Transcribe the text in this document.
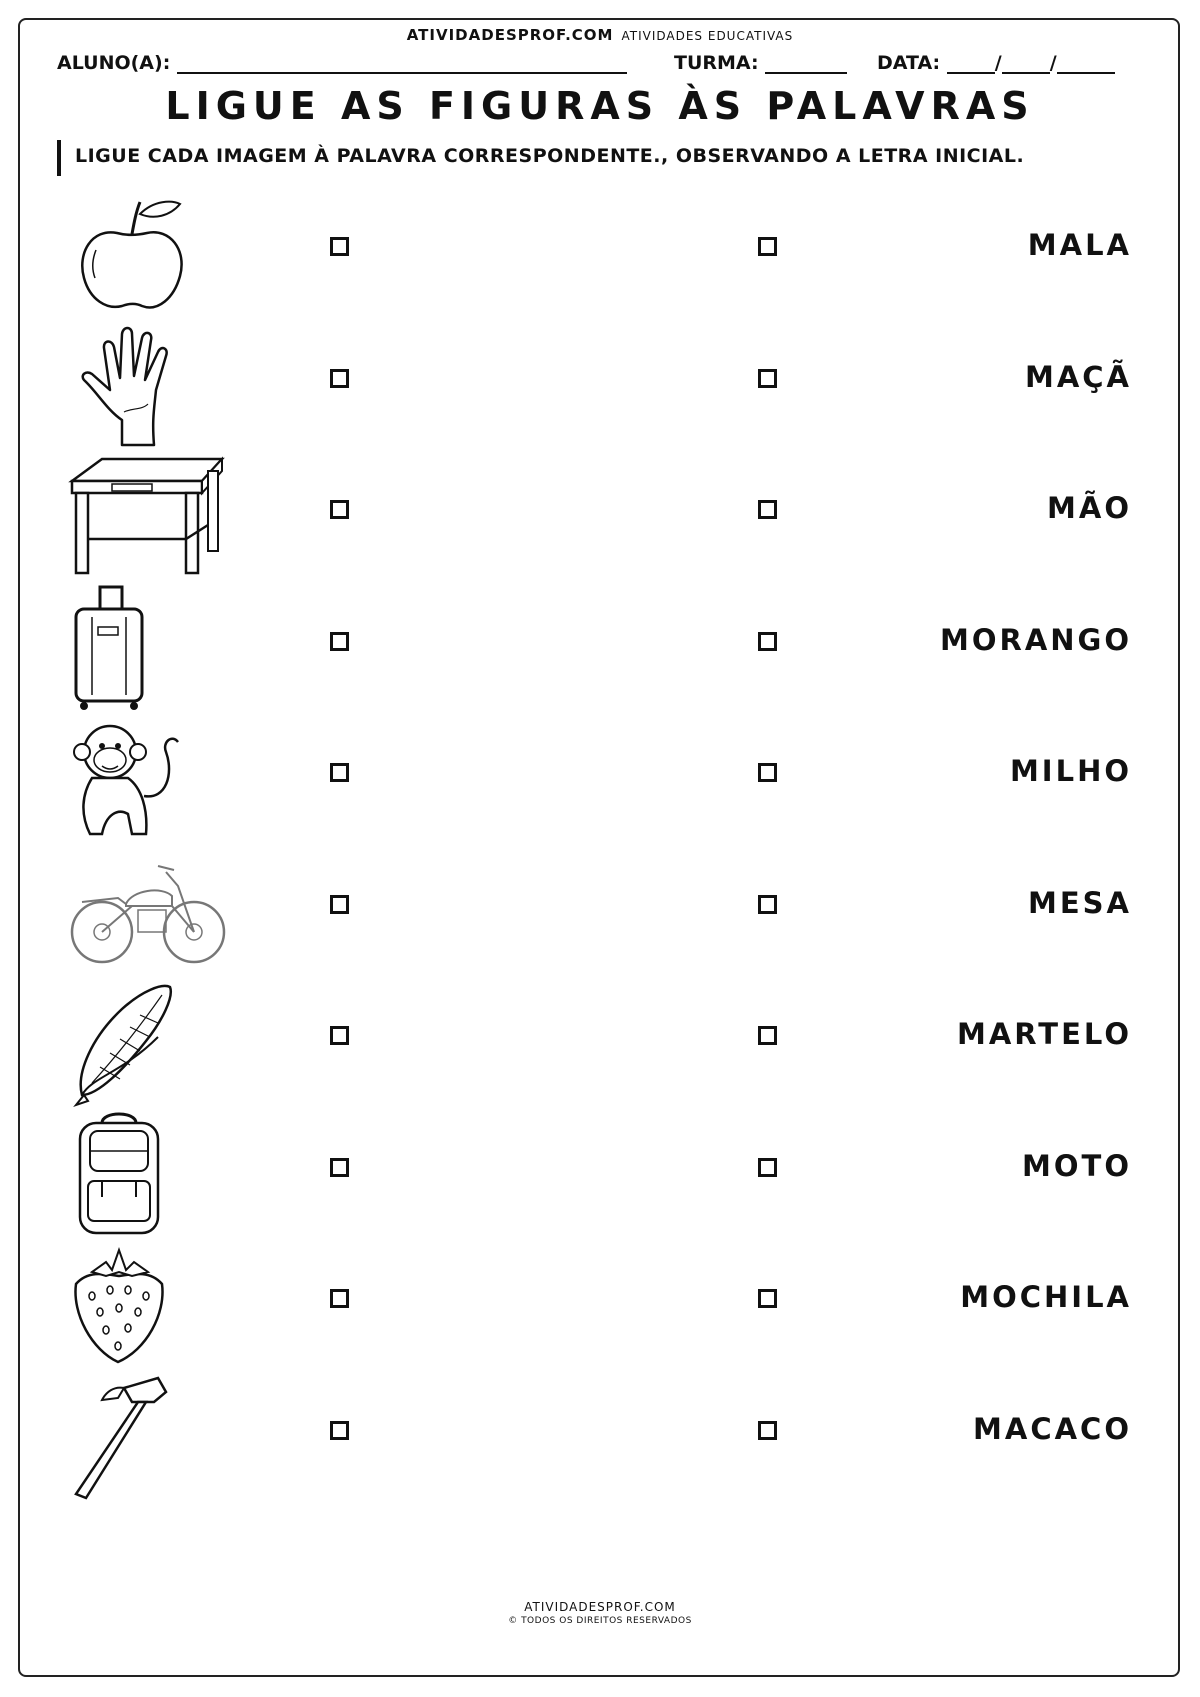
ATIVIDADESPROF.COM ATIVIDADES EDUCATIVAS
ALUNO(A):	TURMA:	DATA:	/	/
LIGUE AS FIGURAS ÀS PALAVRAS
LIGUE CADA IMAGEM À PALAVRA CORRESPONDENTE., OBSERVANDO A LETRA INICIAL.
MALA
MAÇÃ
MÃO
MORANGO
MILHO
MESA
MARTELO
MOTO
MOCHILA
MACACO
ATIVIDADESPROF.COM
© TODOS OS DIREITOS RESERVADOS
